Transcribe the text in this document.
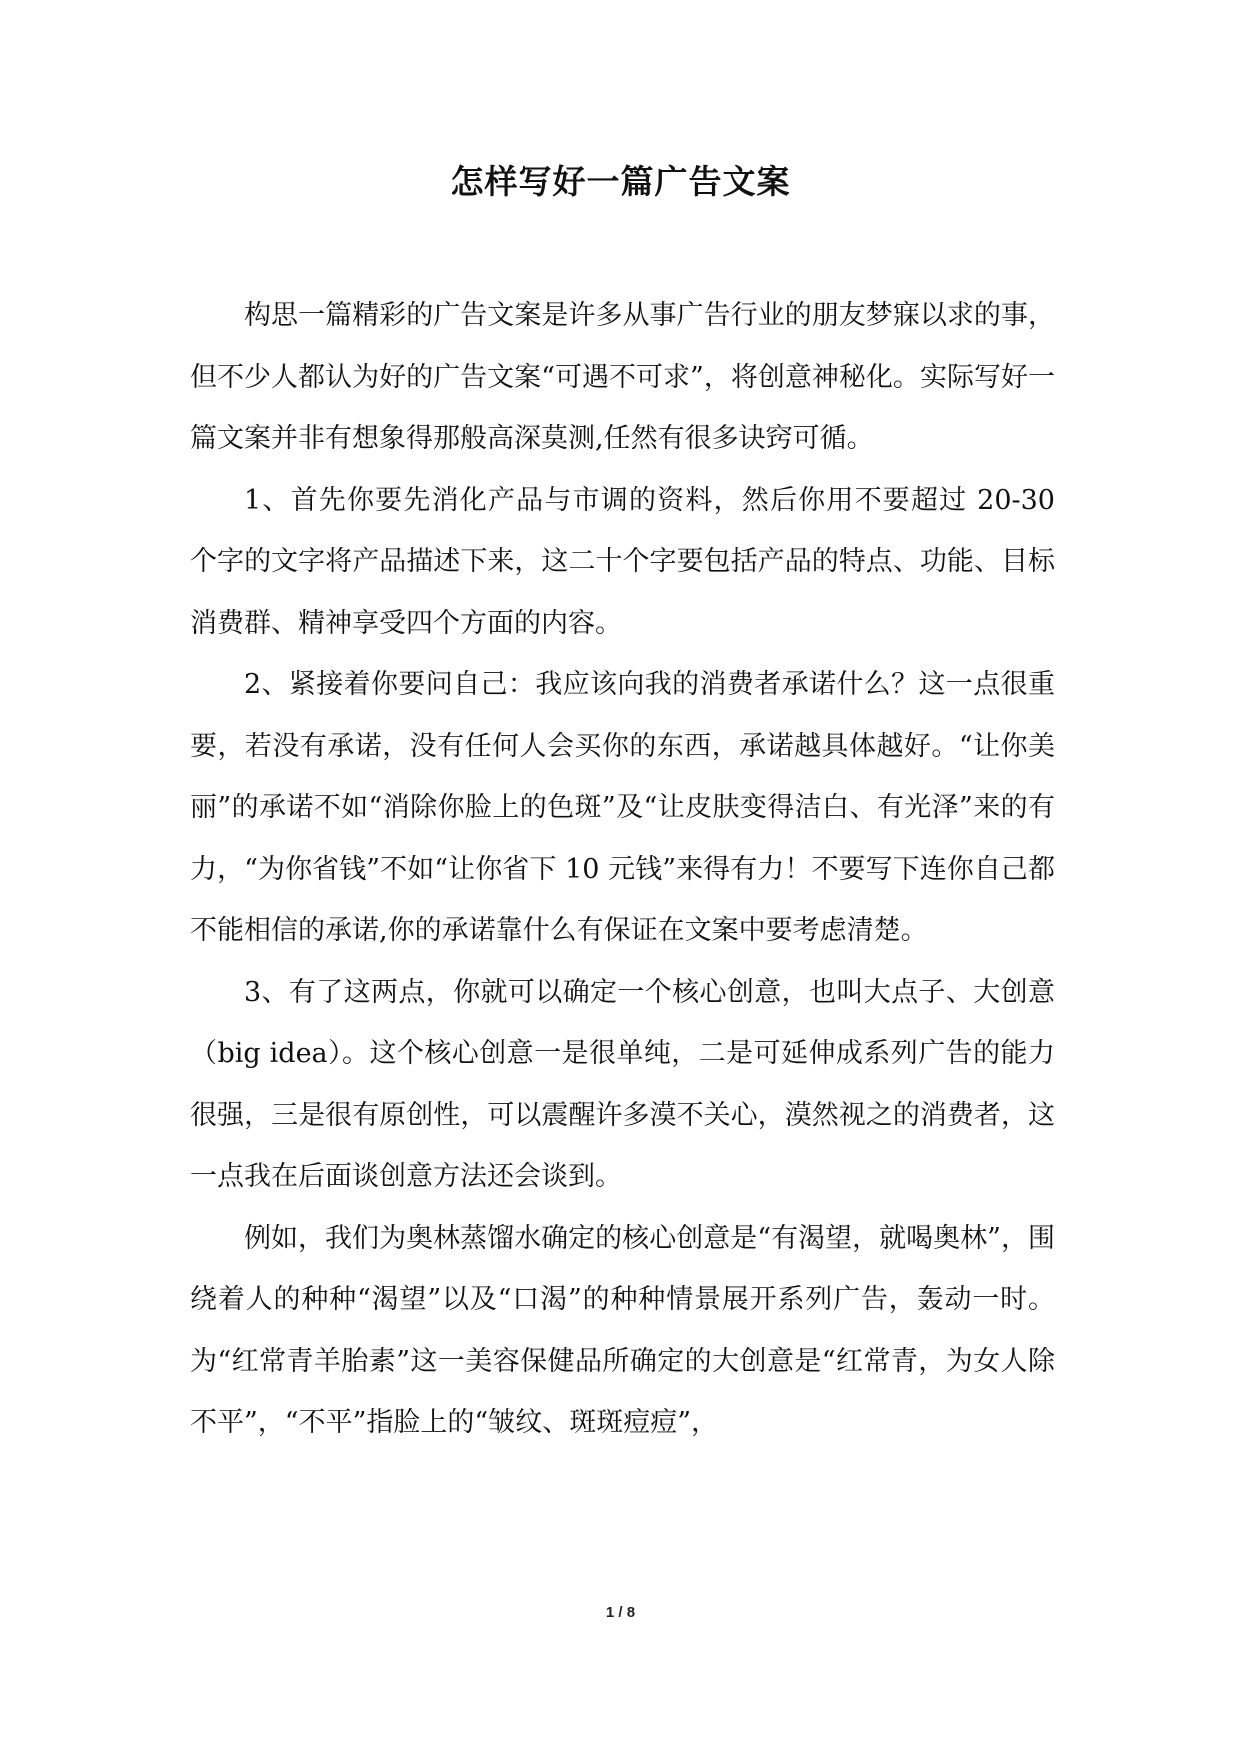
怎样写好一篇广告文案

构思一篇精彩的广告文案是许多从事广告行业的朋友梦寐以求的事，但不少人都认为好的广告文案“可遇不可求”，将创意神秘化。实际写好一篇文案并非有想象得那般高深莫测,任然有很多诀窍可循。

1、首先你要先消化产品与市调的资料，然后你用不要超过 20-30 个字的文字将产品描述下来，这二十个字要包括产品的特点、功能、目标消费群、精神享受四个方面的内容。

2、紧接着你要问自己：我应该向我的消费者承诺什么？这一点很重要，若没有承诺，没有任何人会买你的东西，承诺越具体越好。“让你美丽”的承诺不如“消除你脸上的色斑”及“让皮肤变得洁白、有光泽”来的有力，“为你省钱”不如“让你省下 10 元钱”来得有力！不要写下连你自己都不能相信的承诺,你的承诺靠什么有保证在文案中要考虑清楚。

3、有了这两点，你就可以确定一个核心创意，也叫大点子、大创意（big idea）。这个核心创意一是很单纯，二是可延伸成系列广告的能力很强，三是很有原创性，可以震醒许多漠不关心，漠然视之的消费者，这一点我在后面谈创意方法还会谈到。

例如，我们为奥林蒸馏水确定的核心创意是“有渴望，就喝奥林”，围绕着人的种种“渴望”以及“口渴”的种种情景展开系列广告，轰动一时。为“红常青羊胎素”这一美容保健品所确定的大创意是“红常青，为女人除不平”，“不平”指脸上的“皱纹、斑斑痘痘”，

1 / 8
